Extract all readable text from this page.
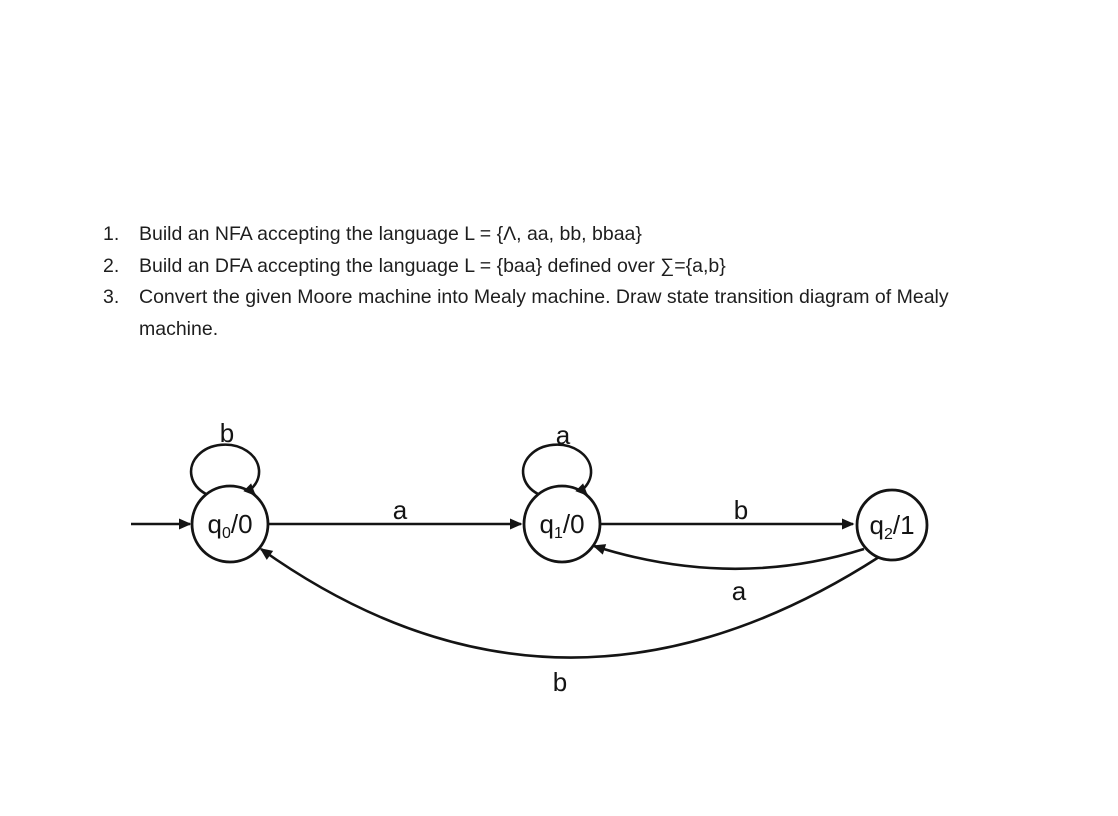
1.	Build an NFA accepting the language L = {Λ, aa, bb, bbaa}
2.	Build an DFA accepting the language L = {baa} defined over ∑={a,b}
3.	Convert the given Moore machine into Mealy machine. Draw state transition diagram of Mealy
machine.
b
a
a
b
a
b
q0/0	q1/0	q2/1
